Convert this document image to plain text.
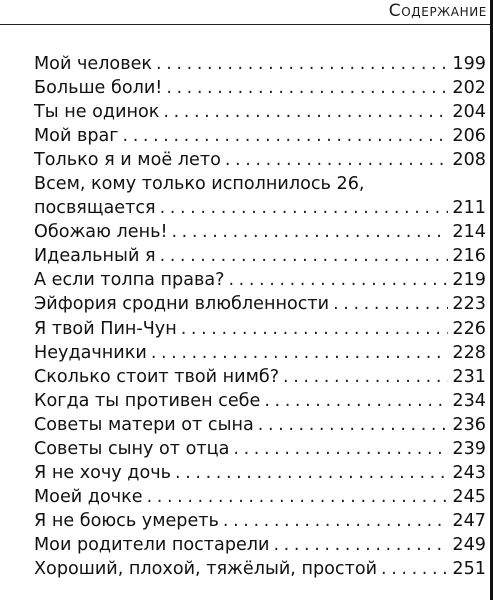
Содержание
Мой человек . . .	199
Больше боли! . . .	202
Ты не одинок . . .	204
Мой враг . . .	206
Только я и моё лето . . .	208
Всем, кому только исполнилось 26,
посвящается . . .	211
Обожаю лень! . . .	214
Идеальный я . . .	216
А если толпа права? . . .	219
Эйфория сродни влюбленности . . .	223
Я твой Пин-Чун . . .	226
Неудачники . . .	228
Сколько стоит твой нимб? . . .	231
Когда ты противен себе . . .	234
Советы матери от сына . . .	236
Советы сыну от отца . . .	239
Я не хочу дочь . . .	243
Моей дочке . . .	245
Я не боюсь умереть . . .	247
Мои родители постарели . . .	249
Хороший, плохой, тяжёлый, простой . . .	251
